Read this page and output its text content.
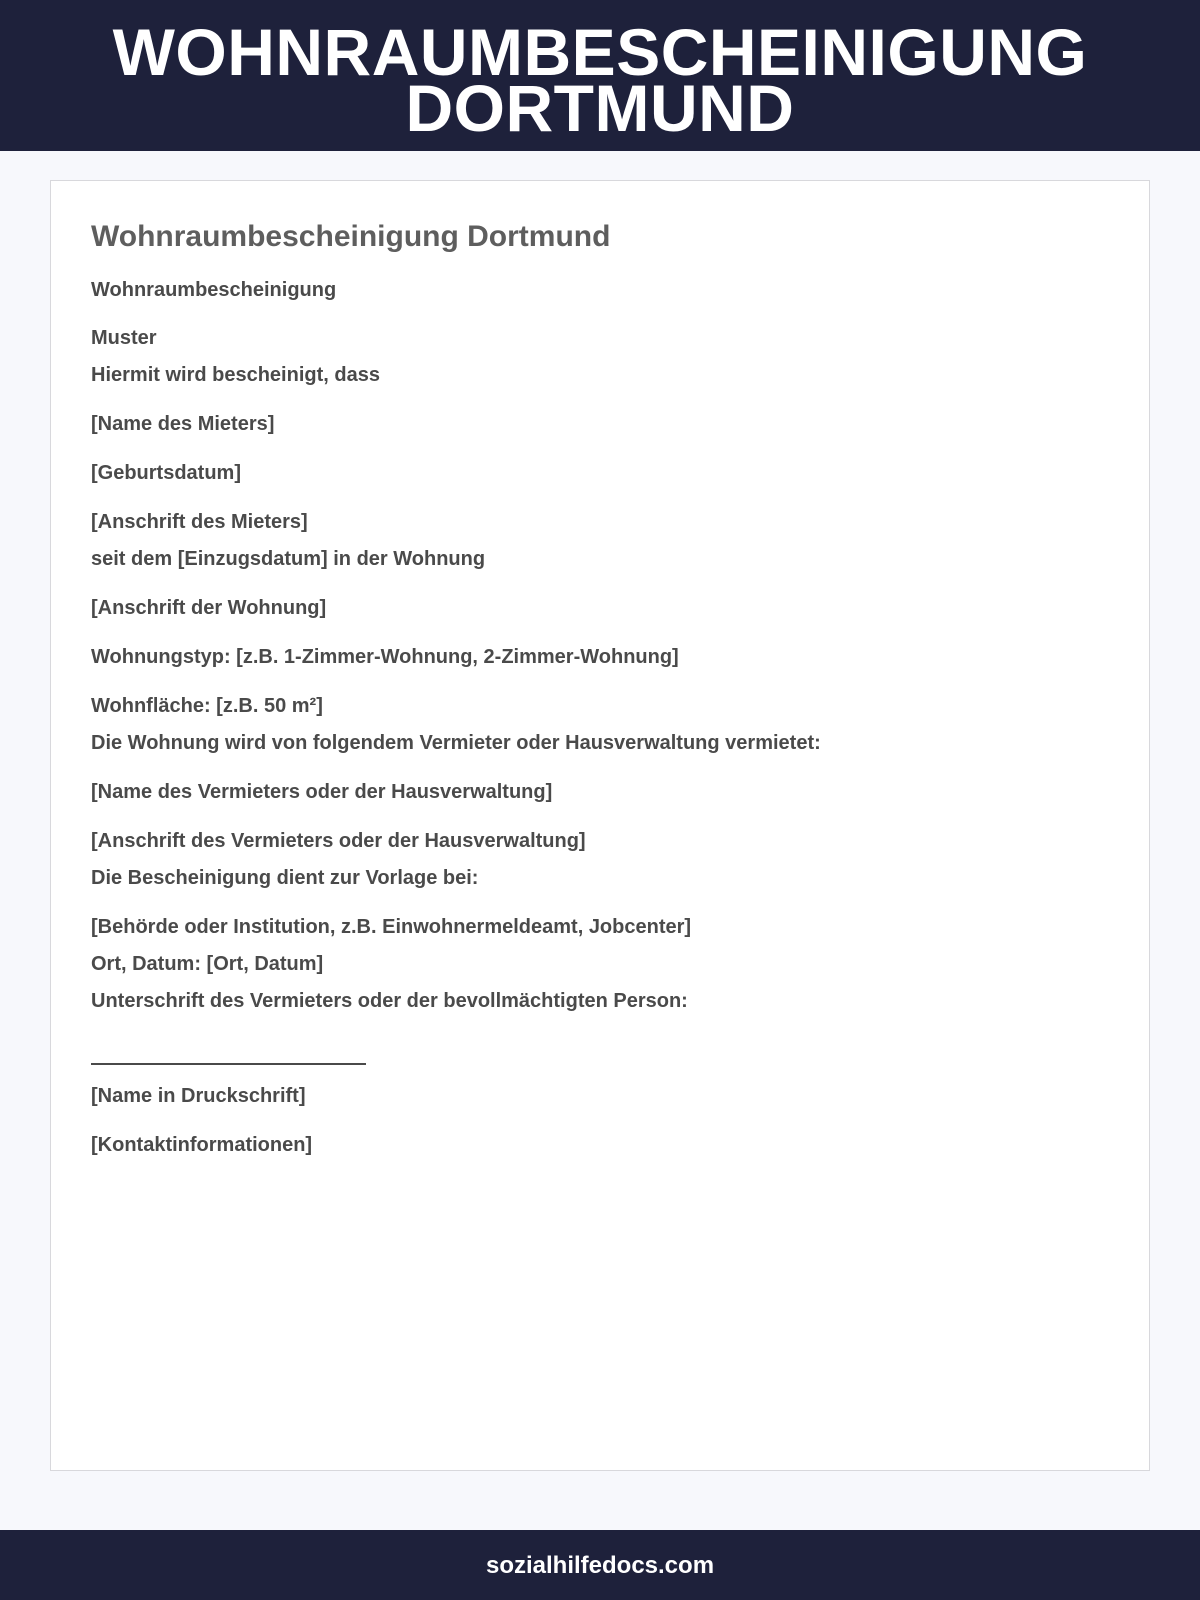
WOHNRAUMBESCHEINIGUNG
DORTMUND
Wohnraumbescheinigung Dortmund

Wohnraumbescheinigung

Muster

Hiermit wird bescheinigt, dass

[Name des Mieters]

[Geburtsdatum]

[Anschrift des Mieters]

seit dem [Einzugsdatum] in der Wohnung

[Anschrift der Wohnung]

Wohnungstyp: [z.B. 1-Zimmer-Wohnung, 2-Zimmer-Wohnung]

Wohnfläche: [z.B. 50 m²]

Die Wohnung wird von folgendem Vermieter oder Hausverwaltung vermietet:

[Name des Vermieters oder der Hausverwaltung]

[Anschrift des Vermieters oder der Hausverwaltung]

Die Bescheinigung dient zur Vorlage bei:

[Behörde oder Institution, z.B. Einwohnermeldeamt, Jobcenter]

Ort, Datum: [Ort, Datum]

Unterschrift des Vermieters oder der bevollmächtigten Person:

[Name in Druckschrift]

[Kontaktinformationen]

sozialhilfedocs.com
